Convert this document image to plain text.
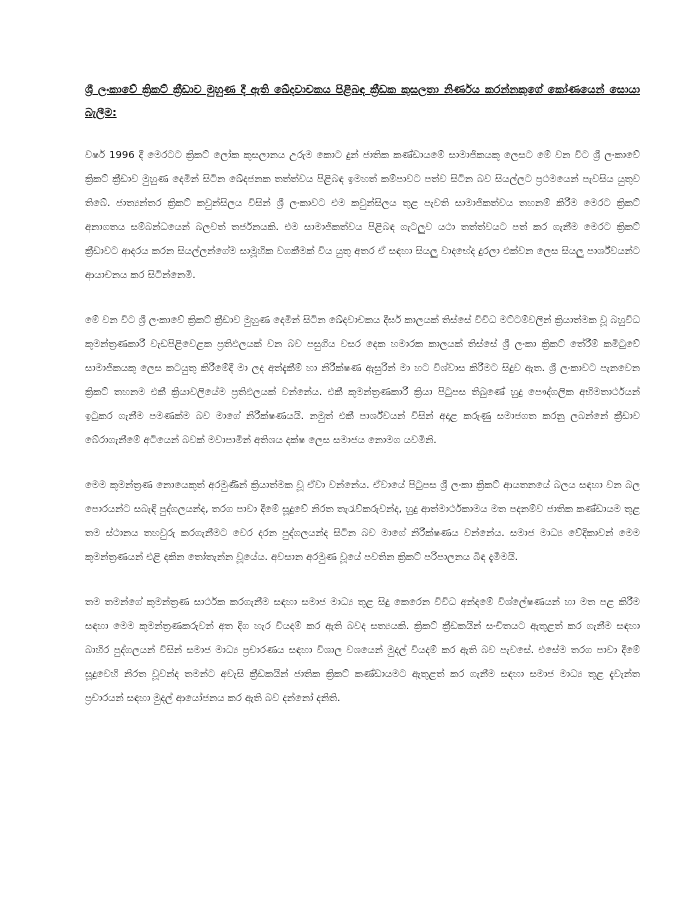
ශ්‍රී ලංකාවේ ක්‍රිකට් ක්‍රීඩාව මුහුණ දී ඇති ඛේදවාචකය පිළිබඳ ක්‍රීඩක කුසලතා නිර්ණය කරන්නකුගේ කෝණයෙන් සොයා බැලීම:

වර්ෂ 1996 දී මෙරටට ක්‍රිකට් ලෝක කුසලානය උරුම කොට දුන් ජාතික කණ්ඩායමේ සාමාජිකයකු ලෙසට මේ වන විට ශ්‍රී ලංකාවේ ක්‍රිකට් ක්‍රීඩාව මුහුණ දෙමින් සිටින ඛේදජනක තත්ත්වය පිළිබඳ ඉමහත් කම්පාවට පත්ව සිටින බව සියල්ලට ප්‍රථමයෙන් පැවසිය යුතුව තිබේ. ජාත්‍යන්තර ක්‍රිකට් කවුන්සිලය විසින් ශ්‍රී ලංකාවට එම කවුන්සිලය තුළ පැවති සාමාජිකත්වය තහනම් කිරීම මෙරට ක්‍රිකට් අනාගතය සම්බන්ධයෙන් බලවත් තර්ජනයකි. එම සාමාජිකත්වය පිළිබඳ ගැටලුව යථා තත්ත්වයට පත් කර ගැනීම මෙරට ක්‍රිකට් ක්‍රීඩාවට ආදරය කරන සියල්ලන්ගේම සාමූහික වගකීමක් විය යුතු අතර ඒ සඳහා සියලු වාදභේද දුරලා එක්වන ලෙස සියලු පාර්ශ්වයන්ට ආයාචනය කර සිටින්නෙමි.

මේ වන විට ශ්‍රී ලංකාවේ ක්‍රිකට් ක්‍රීඩාව මුහුණ දෙමින් සිටින ඛේදවාචකය දීර්ඝ කාලයක් තිස්සේ විවිධ මට්ටම්වලින් ක්‍රියාත්මක වූ බහුවිධ කුමන්ත්‍රණකාරී වැඩපිළිවෙළක ප්‍රතිඵලයක් වන බව පසුගිය වසර දෙක හමාරක කාලයක් තිස්සේ ශ්‍රී ලංකා ක්‍රිකට් තේරීම් කමිටුවේ සාමාජිකයකු ලෙස කටයුතු කිරීමේදී මා ලද අත්දැකීම් හා නිරීක්ෂණ ඇසුරින් මා හට විශ්වාස කිරීමට සිදුව ඇත. ශ්‍රී ලංකාවට පැනවෙන ක්‍රිකට් තහනම එකී ක්‍රියාවලියේම ප්‍රතිඵලයක් වන්නේය. එකී කුමන්ත්‍රණකාරී ක්‍රියා පිටුපස තිබුණේ හුදු පෞද්ගලික අභිමතාර්ථයන් ඉටුකර ගැනීම පමණක්ම බව මාගේ නිරීක්ෂණයයි. නමුත් එකී පාර්ශ්වයන් විසින් අදාළ කරුණු සමාජගත කරනු ලබන්නේ ක්‍රීඩාව බේරාගැනීමේ අටියෙන් බවක් මවාපාමින් අතිශය දක්ෂ ලෙස සමාජය නොමග යවමිනි.

මෙම කුමන්ත්‍රණ නොයෙකුත් අරමුණින් ක්‍රියාත්මක වූ ඒවා වන්නේය. ඒවායේ පිටුපස ශ්‍රී ලංකා ක්‍රිකට් ආයතනයේ බලය සඳහා වන බල පොරයන්ට සබැඳි පුද්ගලයන්ද, තරග පාවා දීමේ සූදුවේ නිරත තැරැව්කරුවන්ද, හුදු ආත්මාර්ථකාමය මත පදනම්ව ජාතික කණ්ඩායම තුළ තම ස්ථානය තහවුරු කරගැනීමට වෙර දරන පුද්ගලයන්ද සිටින බව මාගේ නිරීක්ෂණය වන්නේය. සමාජ මාධ්‍ය වේදිකාවන් මෙම කුමන්ත්‍රණයන් එළි දකින තෝතැන්න වූයේය. අවසාන අරමුණ වූයේ පවතින ක්‍රිකට් පරිපාලනය බිඳ දැමීමයි.

තම තමන්ගේ කුමන්ත්‍රණ සාර්ථක කරගැනීම සඳහා සමාජ මාධ්‍ය තුළ සිදු කෙරෙන විවිධ අන්දමේ විශ්ලේෂණයන් හා මත පළ කිරීම සඳහා මෙම කුමන්ත්‍රණකරුවන් අත දිග හැර වියදම් කර ඇති බවද සත්‍යයකි. ක්‍රිකට් ක්‍රීඩකයින් සංචිතයට ඇතුළත් කර ගැනීම සඳහා බාහිර පුද්ගලයන් විසින් සමාජ මාධ්‍ය ප්‍රචාරණය සඳහා විශාල වශයෙන් මුදල් වියදම් කර ඇති බව පැවසේ. එසේම තරග පාවා දීමේ සූදුවෙහි නිරත වූවන්ද තමන්ට අවැසි ක්‍රීඩකයින් ජාතික ක්‍රිකට් කණ්ඩායමට ඇතුළත් කර ගැනීම සඳහා සමාජ මාධ්‍ය තුළ දැවැන්ත ප්‍රචාරයන් සඳහා මුදල් ආයෝජනය කර ඇති බව දන්නෝ දනිති.
